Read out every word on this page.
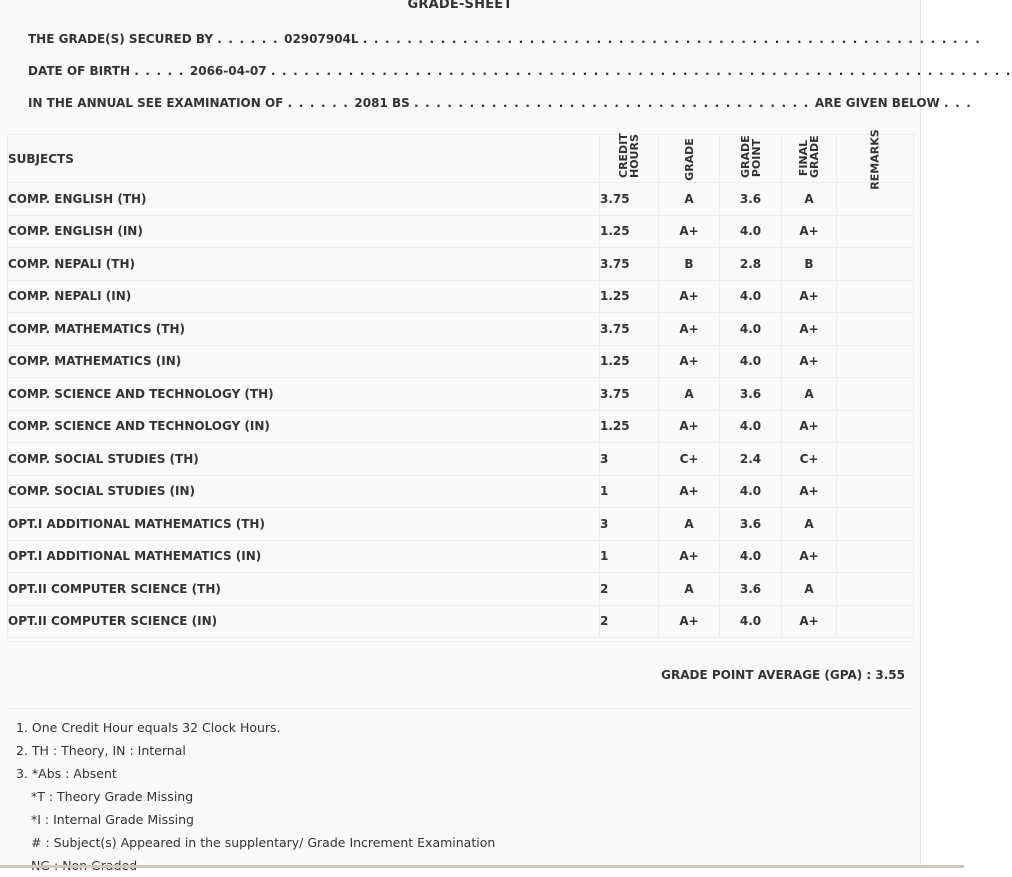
GRADE-SHEET
THE GRADE(S) SECURED BY . . . . . . 02907904L . . . . . . . . . . . . . . . . . . . . . . . . . . . . . . . . . . . . . . . . . . . . . . . . . . . . . . . .
DATE OF BIRTH . . . . . 2066-04-07 . . . . . . . . . . . . . . . . . . . . . . . . . . . . . . . . . . . . . . . . . . . . . . . . . . . . . . . . . . . . . . . . . . .
IN THE ANNUAL SEE EXAMINATION OF . . . . . . 2081 BS . . . . . . . . . . . . . . . . . . . . . . . . . . . . . . . . . . . . ARE GIVEN BELOW . . .
SUBJECTS	CREDIT HOURS	GRADE	GRADE POINT	FINAL GRADE	REMARKS
COMP. ENGLISH (TH)	3.75	A	3.6	A	
COMP. ENGLISH (IN)	1.25	A+	4.0	A+	
COMP. NEPALI (TH)	3.75	B	2.8	B	
COMP. NEPALI (IN)	1.25	A+	4.0	A+	
COMP. MATHEMATICS (TH)	3.75	A+	4.0	A+	
COMP. MATHEMATICS (IN)	1.25	A+	4.0	A+	
COMP. SCIENCE AND TECHNOLOGY (TH)	3.75	A	3.6	A	
COMP. SCIENCE AND TECHNOLOGY (IN)	1.25	A+	4.0	A+	
COMP. SOCIAL STUDIES (TH)	3	C+	2.4	C+	
COMP. SOCIAL STUDIES (IN)	1	A+	4.0	A+	
OPT.I ADDITIONAL MATHEMATICS (TH)	3	A	3.6	A	
OPT.I ADDITIONAL MATHEMATICS (IN)	1	A+	4.0	A+	
OPT.II COMPUTER SCIENCE (TH)	2	A	3.6	A	
OPT.II COMPUTER SCIENCE (IN)	2	A+	4.0	A+	
GRADE POINT AVERAGE (GPA) : 3.55
1. One Credit Hour equals 32 Clock Hours.
2. TH : Theory, IN : Internal
3. *Abs : Absent
*T : Theory Grade Missing
*I : Internal Grade Missing
# : Subject(s) Appeared in the supplentary/ Grade Increment Examination
